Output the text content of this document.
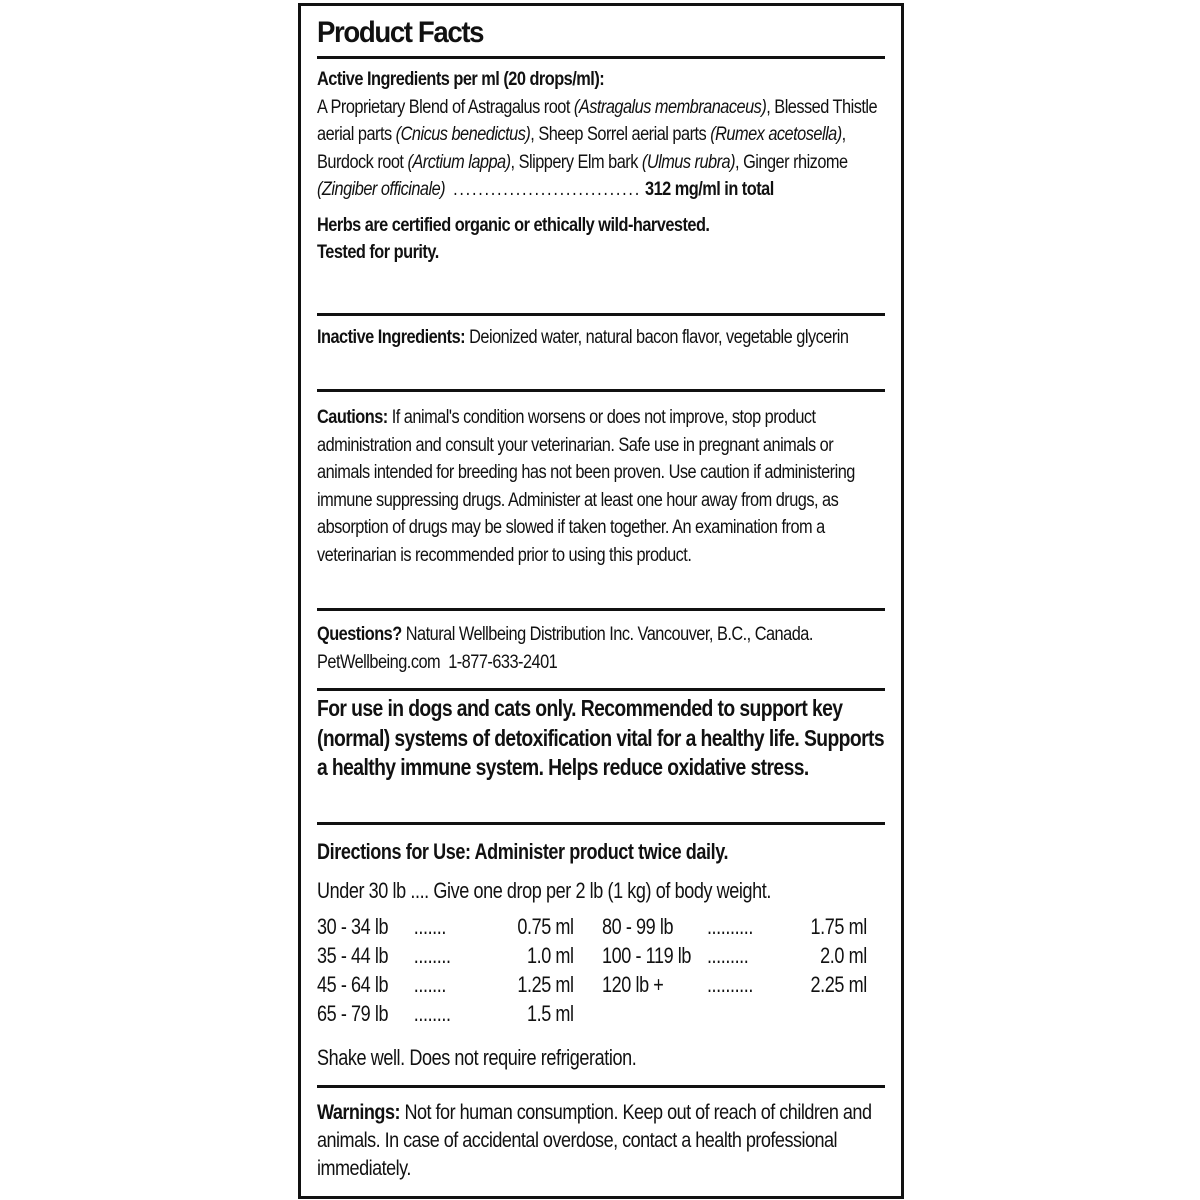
Product Facts
Active Ingredients per ml (20 drops/ml):
A Proprietary Blend of Astragalus root (Astragalus membranaceus), Blessed Thistle aerial parts (Cnicus benedictus), Sheep Sorrel aerial parts (Rumex acetosella), Burdock root (Arctium lappa), Slippery Elm bark (Ulmus rubra), Ginger rhizome (Zingiber officinale) .............................. 312 mg/ml in total
Herbs are certified organic or ethically wild-harvested.
Tested for purity.
Inactive Ingredients: Deionized water, natural bacon flavor, vegetable glycerin
Cautions: If animal's condition worsens or does not improve, stop product administration and consult your veterinarian. Safe use in pregnant animals or animals intended for breeding has not been proven. Use caution if administering immune suppressing drugs. Administer at least one hour away from drugs, as absorption of drugs may be slowed if taken together. An examination from a veterinarian is recommended prior to using this product.
Questions? Natural Wellbeing Distribution Inc. Vancouver, B.C., Canada.
PetWellbeing.com 1-877-633-2401
For use in dogs and cats only. Recommended to support key (normal) systems of detoxification vital for a healthy life. Supports a healthy immune system. Helps reduce oxidative stress.
Directions for Use: Administer product twice daily.
Under 30 lb .... Give one drop per 2 lb (1 kg) of body weight.
30 - 34 lb .......	0.75 ml
35 - 44 lb ........	1.0 ml
45 - 64 lb .......	1.25 ml
65 - 79 lb ........	1.5 ml
80 - 99 lb ..........	1.75 ml
100 - 119 lb .........	2.0 ml
120 lb + ..........	2.25 ml
Shake well. Does not require refrigeration.
Warnings: Not for human consumption. Keep out of reach of children and animals. In case of accidental overdose, contact a health professional immediately.
